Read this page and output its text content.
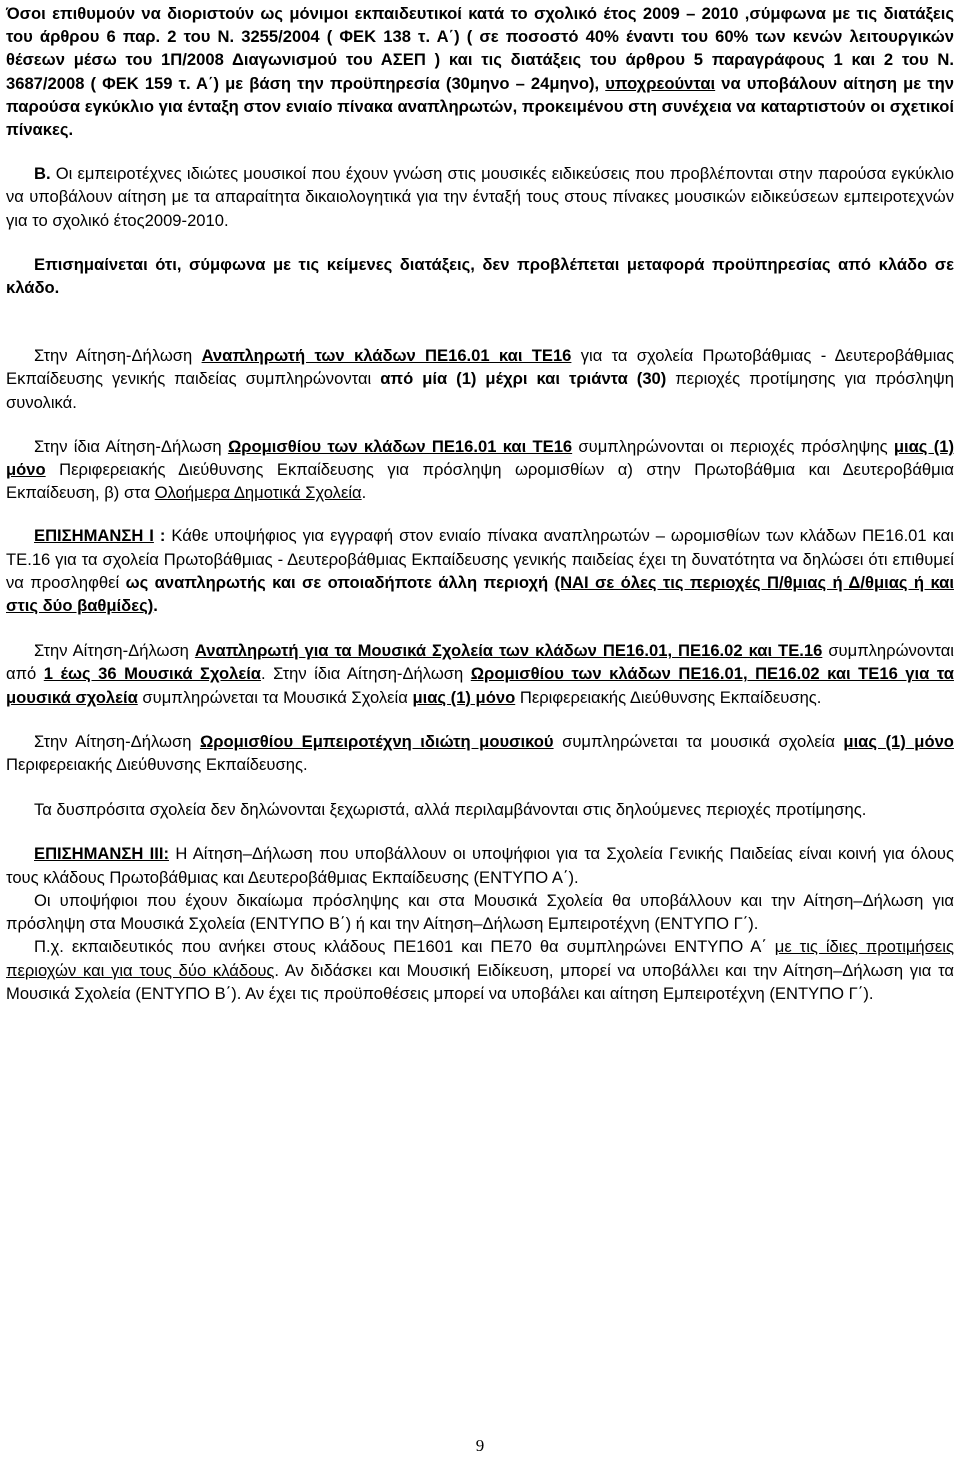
Όσοι επιθυμούν να διοριστούν ως μόνιμοι εκπαιδευτικοί κατά το σχολικό έτος 2009 – 2010 ,σύμφωνα με τις διατάξεις του άρθρου 6 παρ. 2 του Ν. 3255/2004 ( ΦΕΚ 138 τ. Α΄) ( σε ποσοστό 40% έναντι του 60% των κενών λειτουργικών θέσεων μέσω του 1Π/2008 Διαγωνισμού του ΑΣΕΠ ) και τις διατάξεις του άρθρου 5 παραγράφους 1 και 2 του Ν. 3687/2008 ( ΦΕΚ 159 τ. Α΄) με βάση την προϋπηρεσία (30μηνο – 24μηνο), υποχρεούνται να υποβάλουν αίτηση με την παρούσα εγκύκλιο για ένταξη στον ενιαίο πίνακα αναπληρωτών, προκειμένου στη συνέχεια να καταρτιστούν οι σχετικοί πίνακες.

Β. Οι εμπειροτέχνες ιδιώτες μουσικοί που έχουν γνώση στις μουσικές ειδικεύσεις που προβλέπονται στην παρούσα εγκύκλιο να υποβάλουν αίτηση με τα απαραίτητα δικαιολογητικά για την ένταξή τους στους πίνακες μουσικών ειδικεύσεων εμπειροτεχνών για το σχολικό έτος2009-2010.

Επισημαίνεται ότι, σύμφωνα με τις κείμενες διατάξεις, δεν προβλέπεται μεταφορά προϋπηρεσίας από κλάδο σε κλάδο.

Στην Αίτηση-Δήλωση Αναπληρωτή των κλάδων ΠΕ16.01 και ΤΕ16 για τα σχολεία Πρωτοβάθμιας - Δευτεροβάθμιας Εκπαίδευσης γενικής παιδείας συμπληρώνονται από μία (1) μέχρι και τριάντα (30) περιοχές προτίμησης για πρόσληψη συνολικά.

Στην ίδια Αίτηση-Δήλωση Ωρομισθίου των κλάδων ΠΕ16.01 και ΤΕ16 συμπληρώνονται οι περιοχές πρόσληψης μιας (1) μόνο Περιφερειακής Διεύθυνσης Εκπαίδευσης για πρόσληψη ωρομισθίων α) στην Πρωτοβάθμια και Δευτεροβάθμια Εκπαίδευση, β) στα Ολοήμερα Δημοτικά Σχολεία.

ΕΠΙΣΗΜΑΝΣΗ Ι : Κάθε υποψήφιος για εγγραφή στον ενιαίο πίνακα αναπληρωτών – ωρομισθίων των κλάδων ΠΕ16.01 και ΤΕ.16 για τα σχολεία Πρωτοβάθμιας - Δευτεροβάθμιας Εκπαίδευσης γενικής παιδείας έχει τη δυνατότητα να δηλώσει ότι επιθυμεί να προσληφθεί ως αναπληρωτής και σε οποιαδήποτε άλλη περιοχή (ΝΑΙ σε όλες τις περιοχές Π/θμιας ή Δ/θμιας ή και στις δύο βαθμίδες).

Στην Αίτηση-Δήλωση Αναπληρωτή για τα Μουσικά Σχολεία των κλάδων ΠΕ16.01, ΠΕ16.02 και ΤΕ.16 συμπληρώνονται από 1 έως 36 Μουσικά Σχολεία. Στην ίδια Αίτηση-Δήλωση Ωρομισθίου των κλάδων ΠΕ16.01, ΠΕ16.02 και ΤΕ16 για τα μουσικά σχολεία συμπληρώνεται τα Μουσικά Σχολεία μιας (1) μόνο Περιφερειακής Διεύθυνσης Εκπαίδευσης.

Στην Αίτηση-Δήλωση Ωρομισθίου Εμπειροτέχνη ιδιώτη μουσικού συμπληρώνεται τα μουσικά σχολεία μιας (1) μόνο Περιφερειακής Διεύθυνσης Εκπαίδευσης.

Τα δυσπρόσιτα σχολεία δεν δηλώνονται ξεχωριστά, αλλά περιλαμβάνονται στις δηλούμενες περιοχές προτίμησης.

ΕΠΙΣΗΜΑΝΣΗ ΙΙΙ: Η Αίτηση–Δήλωση που υποβάλλουν οι υποψήφιοι για τα Σχολεία Γενικής Παιδείας είναι κοινή για όλους τους κλάδους Πρωτοβάθμιας και Δευτεροβάθμιας Εκπαίδευσης (ΕΝΤΥΠΟ Α΄).

Οι υποψήφιοι που έχουν δικαίωμα πρόσληψης και στα Μουσικά Σχολεία θα υποβάλλουν και την Αίτηση–Δήλωση για πρόσληψη στα Μουσικά Σχολεία (ΕΝΤΥΠΟ Β΄) ή και την Αίτηση–Δήλωση Εμπειροτέχνη (ΕΝΤΥΠΟ Γ΄).

Π.χ. εκπαιδευτικός που ανήκει στους κλάδους ΠΕ1601 και ΠΕ70 θα συμπληρώνει ΕΝΤΥΠΟ Α΄ με τις ίδιες προτιμήσεις περιοχών και για τους δύο κλάδους. Αν διδάσκει και Μουσική Ειδίκευση, μπορεί να υποβάλλει και την Αίτηση–Δήλωση για τα Μουσικά Σχολεία (ΕΝΤΥΠΟ Β΄). Αν έχει τις προϋποθέσεις μπορεί να υποβάλει και αίτηση Εμπειροτέχνη (ΕΝΤΥΠΟ Γ΄).

9
